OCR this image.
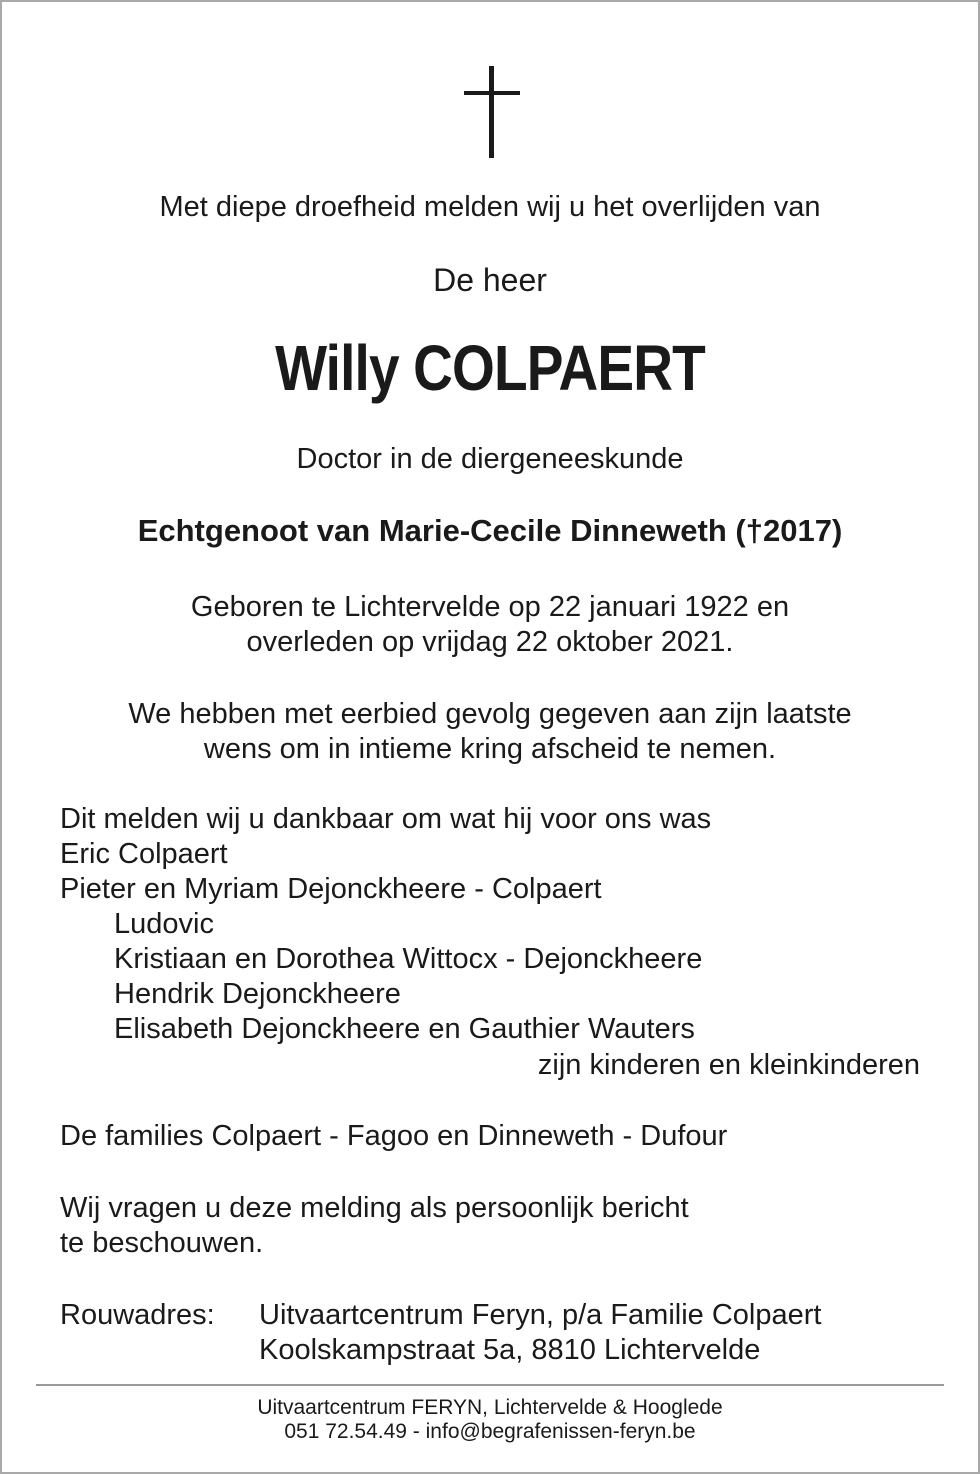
Met diepe droefheid melden wij u het overlijden van
De heer
Willy COLPAERT
Doctor in de diergeneeskunde
Echtgenoot van Marie-Cecile Dinneweth (†2017)
Geboren te Lichtervelde op 22 januari 1922 en
overleden op vrijdag 22 oktober 2021.
We hebben met eerbied gevolg gegeven aan zijn laatste
wens om in intieme kring afscheid te nemen.
Dit melden wij u dankbaar om wat hij voor ons was
Eric Colpaert
Pieter en Myriam Dejonckheere - Colpaert
Ludovic
Kristiaan en Dorothea Wittocx - Dejonckheere
Hendrik Dejonckheere
Elisabeth Dejonckheere en Gauthier Wauters
zijn kinderen en kleinkinderen
De families Colpaert - Fagoo en Dinneweth - Dufour
Wij vragen u deze melding als persoonlijk bericht
te beschouwen.
Rouwadres:	Uitvaartcentrum Feryn, p/a Familie Colpaert
Koolskampstraat 5a, 8810 Lichtervelde
Uitvaartcentrum FERYN, Lichtervelde & Hooglede
051 72.54.49 - info@begrafenissen-feryn.be
